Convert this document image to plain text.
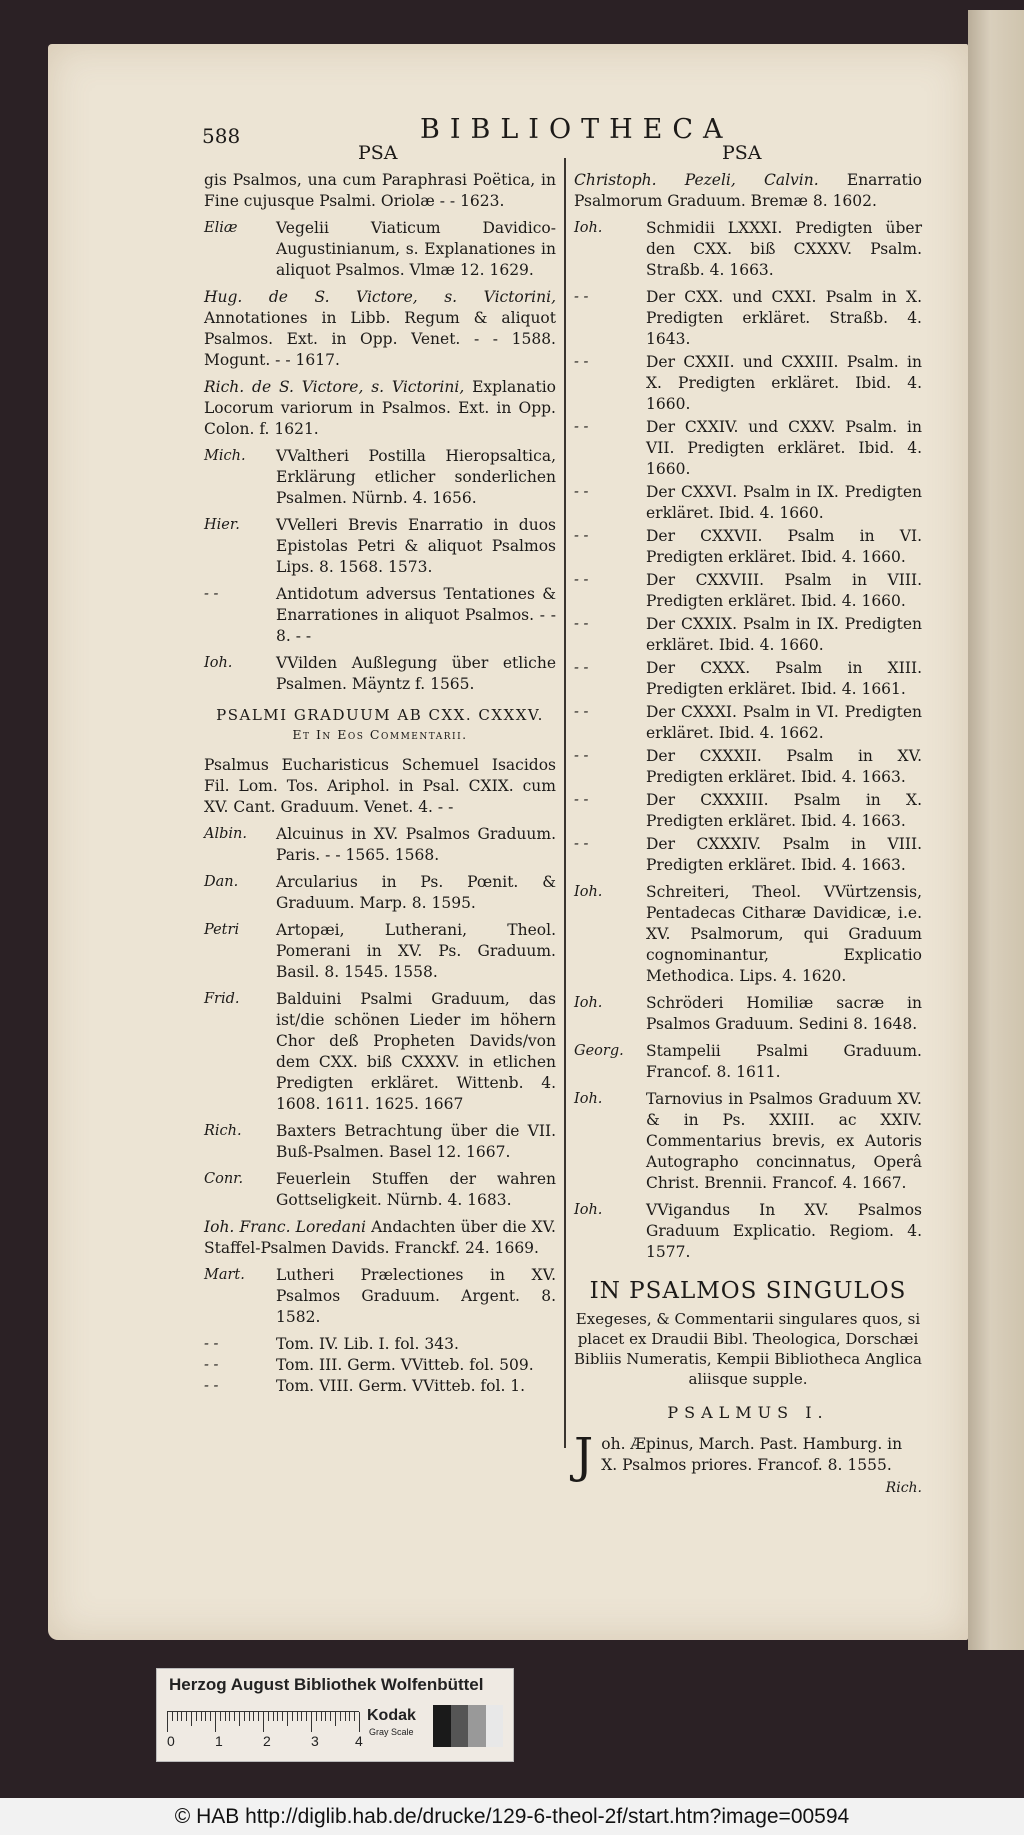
588	BIBLIOTHECA
PSA	PSA
gis Psalmos, una cum Paraphrasi Poëtica, in Fine cujusque Psalmi. Oriolæ - - 1623.
Eliæ	Vegelii Viaticum Davidico-Augustinianum, s. Explanationes in aliquot Psalmos. Vlmæ 12. 1629.
Hug. de S. Victore, s. Victorini, Annotationes in Libb. Regum & aliquot Psalmos. Ext. in Opp. Venet. - - 1588. Mogunt. - - 1617.
Rich. de S. Victore, s. Victorini, Explanatio Locorum variorum in Psalmos. Ext. in Opp. Colon. f. 1621.
Mich.	VValtheri Postilla Hieropsaltica, Erklärung etlicher sonderlichen Psalmen. Nürnb. 4. 1656.
Hier.	VVelleri Brevis Enarratio in duos Epistolas Petri & aliquot Psalmos Lips. 8. 1568. 1573.
- -	Antidotum adversus Tentationes & Enarrationes in aliquot Psalmos. - - 8. - -
Ioh.	VVilden Außlegung über etliche Psalmen. Mäyntz f. 1565.
PSALMI GRADUUM AB CXX. CXXXV.
Et In Eos Commentarii.
Psalmus Eucharisticus Schemuel Isacidos Fil. Lom. Tos. Ariphol. in Psal. CXIX. cum XV. Cant. Graduum. Venet. 4. - -
Albin.	Alcuinus in XV. Psalmos Graduum. Paris. - - 1565. 1568.
Dan.	Arcularius in Ps. Pœnit. & Graduum. Marp. 8. 1595.
Petri	Artopæi, Lutherani, Theol. Pomerani in XV. Ps. Graduum. Basil. 8. 1545. 1558.
Frid.	Balduini Psalmi Graduum, das ist/die schönen Lieder im höhern Chor deß Propheten Davids/von dem CXX. biß CXXXV. in etlichen Predigten erkläret. Wittenb. 4. 1608. 1611. 1625. 1667
Rich.	Baxters Betrachtung über die VII. Buß-Psalmen. Basel 12. 1667.
Conr.	Feuerlein Stuffen der wahren Gottseligkeit. Nürnb. 4. 1683.
Ioh. Franc. Loredani Andachten über die XV. Staffel-Psalmen Davids. Franckf. 24. 1669.
Mart.	Lutheri Prælectiones in XV. Psalmos Graduum. Argent. 8. 1582.
- -	Tom. IV. Lib. I. fol. 343.
- -	Tom. III. Germ. VVitteb. fol. 509.
- -	Tom. VIII. Germ. VVitteb. fol. 1.
Christoph. Pezeli, Calvin. Enarratio Psalmorum Graduum. Bremæ 8. 1602.
Ioh.	Schmidii LXXXI. Predigten über den CXX. biß CXXXV. Psalm. Straßb. 4. 1663.
- -	Der CXX. und CXXI. Psalm in X. Predigten erkläret. Straßb. 4. 1643.
- -	Der CXXII. und CXXIII. Psalm. in X. Predigten erkläret. Ibid. 4. 1660.
- -	Der CXXIV. und CXXV. Psalm. in VII. Predigten erkläret. Ibid. 4. 1660.
- -	Der CXXVI. Psalm in IX. Predigten erkläret. Ibid. 4. 1660.
- -	Der CXXVII. Psalm in VI. Predigten erkläret. Ibid. 4. 1660.
- -	Der CXXVIII. Psalm in VIII. Predigten erkläret. Ibid. 4. 1660.
- -	Der CXXIX. Psalm in IX. Predigten erkläret. Ibid. 4. 1660.
- -	Der CXXX. Psalm in XIII. Predigten erkläret. Ibid. 4. 1661.
- -	Der CXXXI. Psalm in VI. Predigten erkläret. Ibid. 4. 1662.
- -	Der CXXXII. Psalm in XV. Predigten erkläret. Ibid. 4. 1663.
- -	Der CXXXIII. Psalm in X. Predigten erkläret. Ibid. 4. 1663.
- -	Der CXXXIV. Psalm in VIII. Predigten erkläret. Ibid. 4. 1663.
Ioh.	Schreiteri, Theol. VVürtzensis, Pentadecas Citharæ Davidicæ, i.e. XV. Psalmorum, qui Graduum cognominantur, Explicatio Methodica. Lips. 4. 1620.
Ioh.	Schröderi Homiliæ sacræ in Psalmos Graduum. Sedini 8. 1648.
Georg.	Stampelii Psalmi Graduum. Francof. 8. 1611.
Ioh.	Tarnovius in Psalmos Graduum XV. & in Ps. XXIII. ac XXIV. Commentarius brevis, ex Autoris Autographo concinnatus, Operâ Christ. Brennii. Francof. 4. 1667.
Ioh.	VVigandus In XV. Psalmos Graduum Explicatio. Regiom. 4. 1577.
IN PSALMOS SINGULOS
Exegeses, & Commentarii singulares quos, si placet ex Draudii Bibl. Theologica, Dorschæi Bibliis Numeratis, Kempii Bibliotheca Anglica aliisque supple.
PSALMUS I.
J oh. Æpinus, March. Past. Hamburg. in X. Psalmos priores. Francof. 8. 1555.
Rich.
Herzog August Bibliothek Wolfenbüttel
0	1	2	3	4
Kodak
Gray Scale
© HAB http://diglib.hab.de/drucke/129-6-theol-2f/start.htm?image=00594
